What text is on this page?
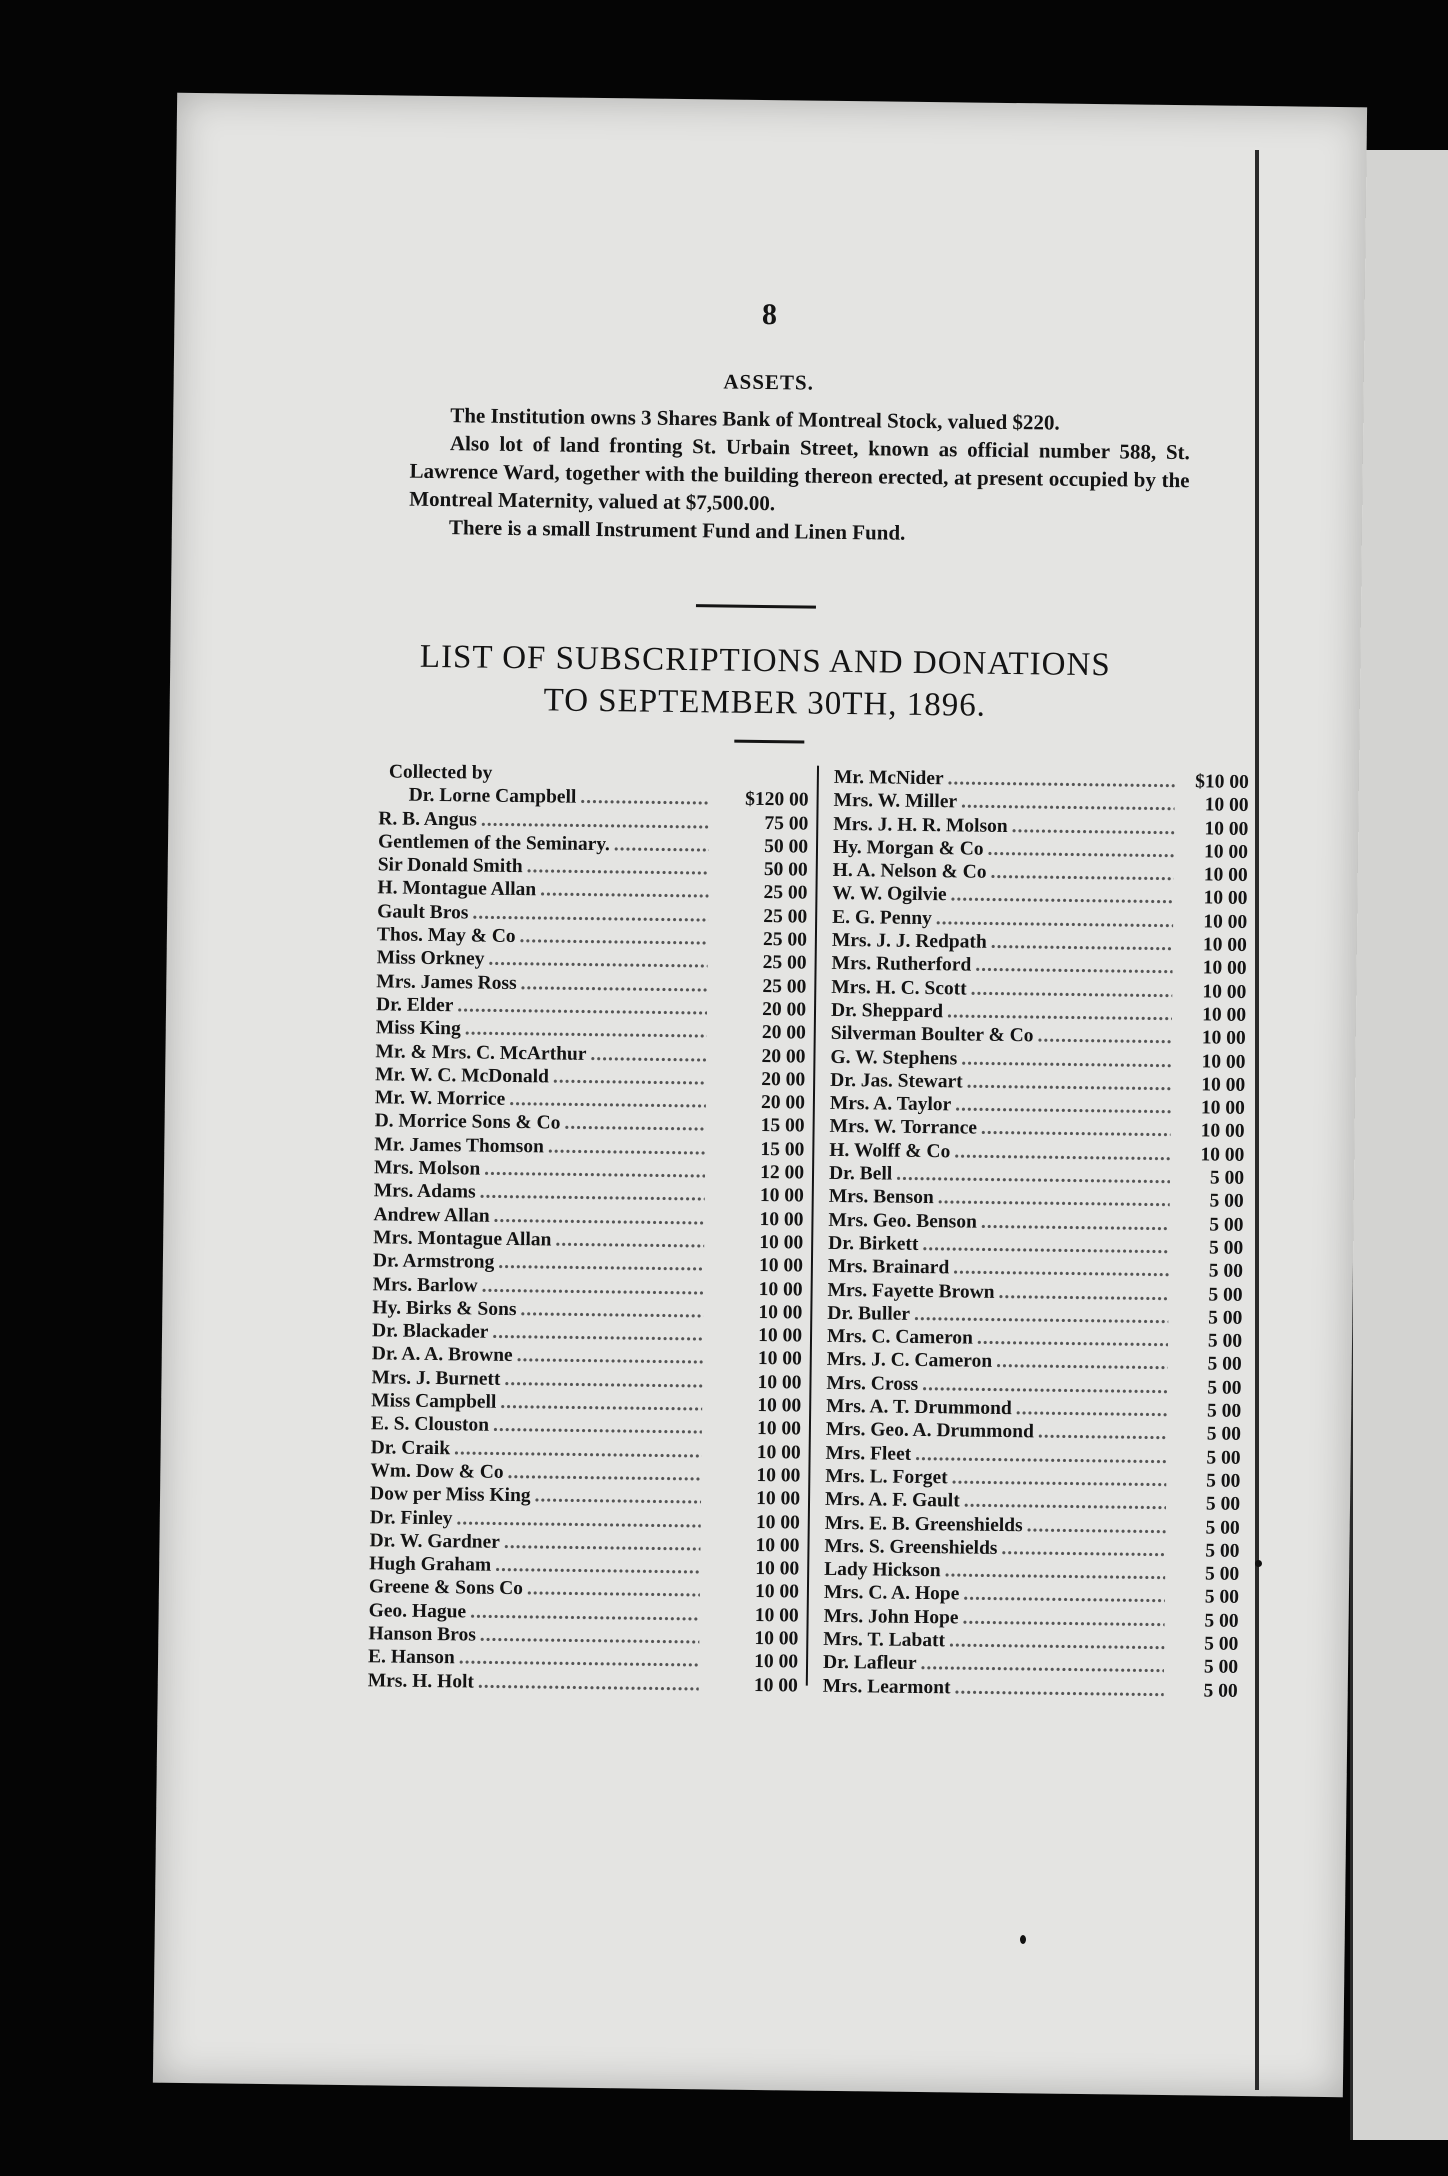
8
ASSETS.

The Institution owns 3 Shares Bank of Montreal Stock, valued $220.

Also lot of land fronting St. Urbain Street, known as official number 588, St. Lawrence Ward, together with the building thereon erected, at present occupied by the Montreal Maternity, valued at $7,500.00.

There is a small Instrument Fund and Linen Fund.

LIST OF SUBSCRIPTIONS AND DONATIONS
TO SEPTEMBER 30TH, 1896.
Collected by
Dr. Lorne Campbell .....	$120 00
R. B. Angus .....	75 00
Gentlemen of the Seminary. .....	50 00
Sir Donald Smith .....	50 00
H. Montague Allan .....	25 00
Gault Bros .....	25 00
Thos. May & Co .....	25 00
Miss Orkney .....	25 00
Mrs. James Ross .....	25 00
Dr. Elder .....	20 00
Miss King .....	20 00
Mr. & Mrs. C. McArthur .....	20 00
Mr. W. C. McDonald .....	20 00
Mr. W. Morrice .....	20 00
D. Morrice Sons & Co .....	15 00
Mr. James Thomson .....	15 00
Mrs. Molson .....	12 00
Mrs. Adams .....	10 00
Andrew Allan .....	10 00
Mrs. Montague Allan .....	10 00
Dr. Armstrong .....	10 00
Mrs. Barlow .....	10 00
Hy. Birks & Sons .....	10 00
Dr. Blackader .....	10 00
Dr. A. A. Browne .....	10 00
Mrs. J. Burnett .....	10 00
Miss Campbell .....	10 00
E. S. Clouston .....	10 00
Dr. Craik .....	10 00
Wm. Dow & Co .....	10 00
Dow per Miss King .....	10 00
Dr. Finley .....	10 00
Dr. W. Gardner .....	10 00
Hugh Graham .....	10 00
Greene & Sons Co .....	10 00
Geo. Hague .....	10 00
Hanson Bros .....	10 00
E. Hanson .....	10 00
Mrs. H. Holt .....	10 00
Mr. McNider .....	$10 00
Mrs. W. Miller .....	10 00
Mrs. J. H. R. Molson .....	10 00
Hy. Morgan & Co .....	10 00
H. A. Nelson & Co .....	10 00
W. W. Ogilvie .....	10 00
E. G. Penny .....	10 00
Mrs. J. J. Redpath .....	10 00
Mrs. Rutherford .....	10 00
Mrs. H. C. Scott .....	10 00
Dr. Sheppard .....	10 00
Silverman Boulter & Co .....	10 00
G. W. Stephens .....	10 00
Dr. Jas. Stewart .....	10 00
Mrs. A. Taylor .....	10 00
Mrs. W. Torrance .....	10 00
H. Wolff & Co .....	10 00
Dr. Bell .....	5 00
Mrs. Benson .....	5 00
Mrs. Geo. Benson .....	5 00
Dr. Birkett .....	5 00
Mrs. Brainard .....	5 00
Mrs. Fayette Brown .....	5 00
Dr. Buller .....	5 00
Mrs. C. Cameron .....	5 00
Mrs. J. C. Cameron .....	5 00
Mrs. Cross .....	5 00
Mrs. A. T. Drummond .....	5 00
Mrs. Geo. A. Drummond .....	5 00
Mrs. Fleet .....	5 00
Mrs. L. Forget .....	5 00
Mrs. A. F. Gault .....	5 00
Mrs. E. B. Greenshields .....	5 00
Mrs. S. Greenshields .....	5 00
Lady Hickson .....	5 00
Mrs. C. A. Hope .....	5 00
Mrs. John Hope .....	5 00
Mrs. T. Labatt .....	5 00
Dr. Lafleur .....	5 00
Mrs. Learmont .....	5 00
